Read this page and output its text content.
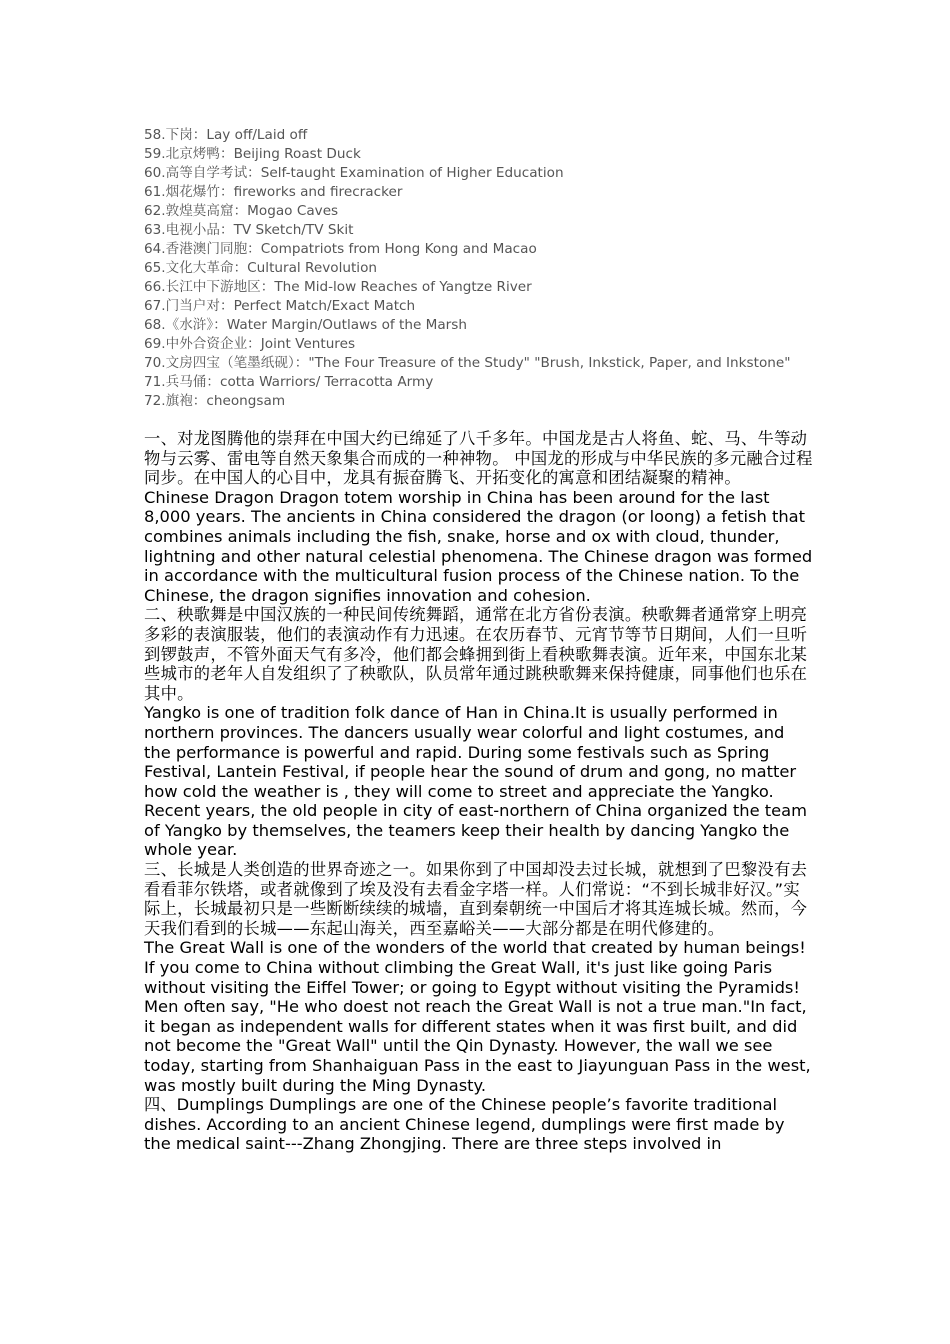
58.下岗：Lay off/Laid off
59.北京烤鸭：Beijing Roast Duck
60.高等自学考试：Self-taught Examination of Higher Education
61.烟花爆竹：fireworks and firecracker
62.敦煌莫高窟：Mogao Caves
63.电视小品：TV Sketch/TV Skit
64.香港澳门同胞：Compatriots from Hong Kong and Macao
65.文化大革命：Cultural Revolution
66.长江中下游地区：The Mid-low Reaches of Yangtze River
67.门当户对：Perfect Match/Exact Match
68.《水浒》：Water Margin/Outlaws of the Marsh
69.中外合资企业：Joint Ventures
70.文房四宝（笔墨纸砚）："The Four Treasure of the Study" "Brush, Inkstick, Paper, and Inkstone"
71.兵马俑：cotta Warriors/ Terracotta Army
72.旗袍：cheongsam

一、对龙图腾他的崇拜在中国大约已绵延了八千多年。中国龙是古人将鱼、蛇、马、牛等动物与云雾、雷电等自然天象集合而成的一种神物。 中国龙的形成与中华民族的多元融合过程同步。在中国人的心目中，龙具有振奋腾飞、开拓变化的寓意和团结凝聚的精神。

Chinese Dragon Dragon totem worship in China has been around for the last 8,000 years. The ancients in China considered the dragon (or loong) a fetish that combines animals including the fish, snake, horse and ox with cloud, thunder, lightning and other natural celestial phenomena. The Chinese dragon was formed in accordance with the multicultural fusion process of the Chinese nation. To the Chinese, the dragon signifies innovation and cohesion.

二、秧歌舞是中国汉族的一种民间传统舞蹈，通常在北方省份表演。秧歌舞者通常穿上明亮多彩的表演服装，他们的表演动作有力迅速。在农历春节、元宵节等节日期间，人们一旦听到锣鼓声，不管外面天气有多冷，他们都会蜂拥到街上看秧歌舞表演。近年来，中国东北某些城市的老年人自发组织了了秧歌队，队员常年通过跳秧歌舞来保持健康，同事他们也乐在其中。

Yangko is one of tradition folk dance of Han in China.It is usually performed in northern provinces. The dancers usually wear colorful and light costumes, and the performance is powerful and rapid. During some festivals such as Spring Festival, Lantein Festival, if people hear the sound of drum and gong, no matter how cold the weather is , they will come to street and appreciate the Yangko. Recent years, the old people in city of east-northern of China organized the team of Yangko by themselves, the teamers keep their health by dancing Yangko the whole year.

三、长城是人类创造的世界奇迹之一。如果你到了中国却没去过长城，就想到了巴黎没有去看看菲尔铁塔，或者就像到了埃及没有去看金字塔一样。人们常说：“不到长城非好汉。”实际上，长城最初只是一些断断续续的城墙，直到秦朝统一中国后才将其连城长城。然而，今天我们看到的长城——东起山海关，西至嘉峪关——大部分都是在明代修建的。

The Great Wall is one of the wonders of the world that created by human beings! If you come to China without climbing the Great Wall, it's just like going Paris without visiting the Eiffel Tower; or going to Egypt without visiting the Pyramids! Men often say, "He who doest not reach the Great Wall is not a true man."In fact, it began as independent walls for different states when it was first built, and did not become the "Great Wall" until the Qin Dynasty. However, the wall we see today, starting from Shanhaiguan Pass in the east to Jiayunguan Pass in the west, was mostly built during the Ming Dynasty.

四、Dumplings Dumplings are one of the Chinese people’s favorite traditional dishes. According to an ancient Chinese legend, dumplings were first made by the medical saint---Zhang Zhongjing. There are three steps involved in
